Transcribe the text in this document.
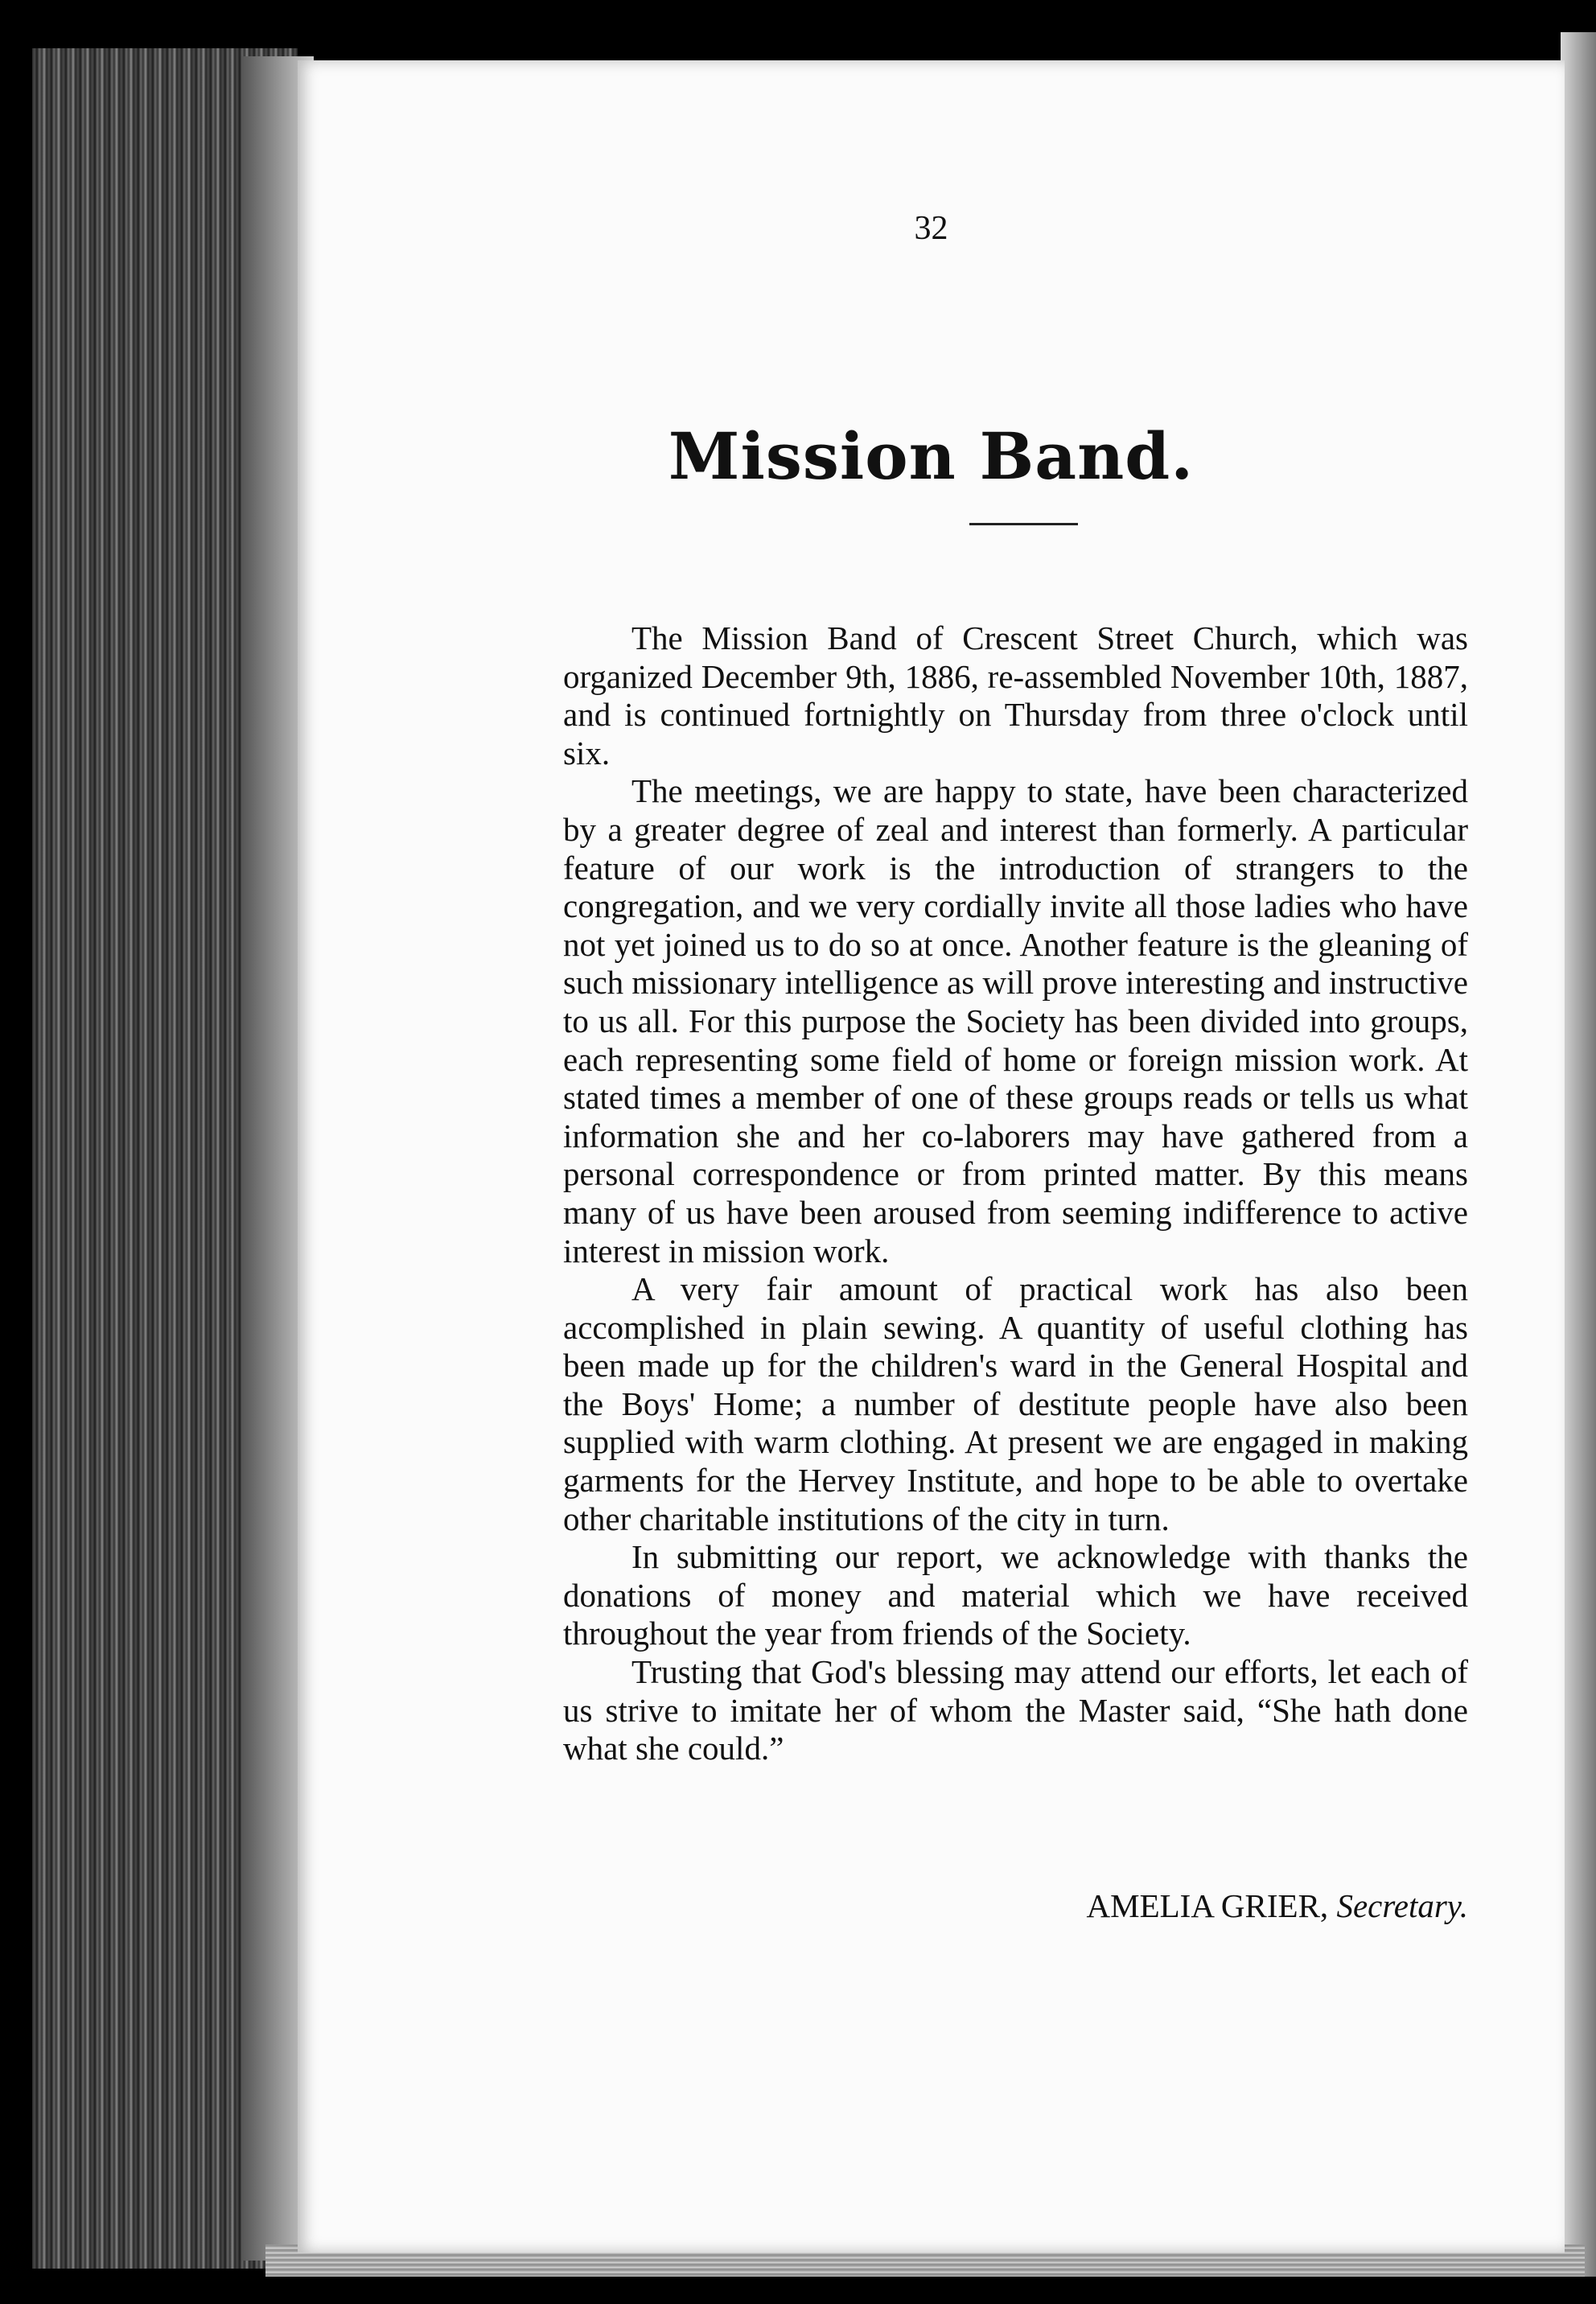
32
Mission Band.

The Mission Band of Crescent Street Church, which was organized December 9th, 1886, re-assembled November 10th, 1887, and is continued fortnightly on Thursday from three o'clock until six.

The meetings, we are happy to state, have been characterized by a greater degree of zeal and interest than formerly. A particular feature of our work is the introduction of strangers to the congregation, and we very cordially invite all those ladies who have not yet joined us to do so at once. Another feature is the gleaning of such missionary intelligence as will prove interesting and instructive to us all. For this purpose the Society has been divided into groups, each representing some field of home or foreign mission work. At stated times a member of one of these groups reads or tells us what information she and her co-laborers may have gathered from a personal correspondence or from printed matter. By this means many of us have been aroused from seeming indifference to active interest in mission work.

A very fair amount of practical work has also been accomplished in plain sewing. A quantity of useful clothing has been made up for the children's ward in the General Hospital and the Boys' Home; a number of destitute people have also been supplied with warm clothing. At present we are engaged in making garments for the Hervey Institute, and hope to be able to overtake other charitable institutions of the city in turn.

In submitting our report, we acknowledge with thanks the donations of money and material which we have received throughout the year from friends of the Society.

Trusting that God's blessing may attend our efforts, let each of us strive to imitate her of whom the Master said, “She hath done what she could.”

AMELIA GRIER, Secretary.
